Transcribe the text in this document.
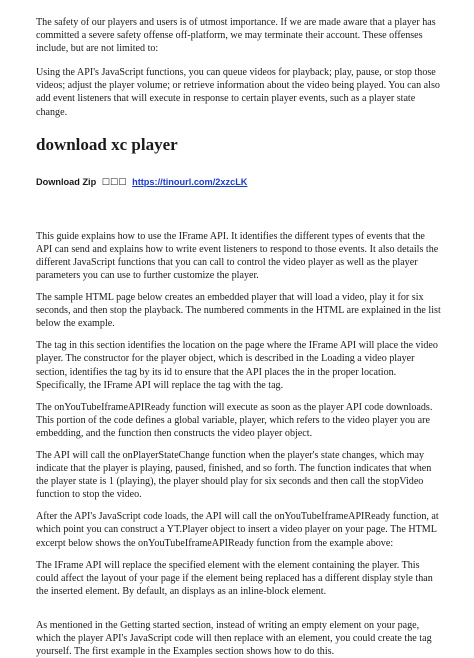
The safety of our players and users is of utmost importance. If we are made aware that a player has committed a severe safety offense off-platform, we may terminate their account. These offenses include, but are not limited to:

Using the API's JavaScript functions, you can queue videos for playback; play, pause, or stop those videos; adjust the player volume; or retrieve information about the video being played. You can also add event listeners that will execute in response to certain player events, such as a player state change.

download xc player
Download Zip ☐☐☐ https://tinourl.com/2xzcLK

This guide explains how to use the IFrame API. It identifies the different types of events that the API can send and explains how to write event listeners to respond to those events. It also details the different JavaScript functions that you can call to control the video player as well as the player parameters you can use to further customize the player.

The sample HTML page below creates an embedded player that will load a video, play it for six seconds, and then stop the playback. The numbered comments in the HTML are explained in the list below the example.

The tag in this section identifies the location on the page where the IFrame API will place the video player. The constructor for the player object, which is described in the Loading a video player section, identifies the tag by its id to ensure that the API places the in the proper location. Specifically, the IFrame API will replace the tag with the tag.

The onYouTubeIframeAPIReady function will execute as soon as the player API code downloads. This portion of the code defines a global variable, player, which refers to the video player you are embedding, and the function then constructs the video player object.

The API will call the onPlayerStateChange function when the player's state changes, which may indicate that the player is playing, paused, finished, and so forth. The function indicates that when the player state is 1 (playing), the player should play for six seconds and then call the stopVideo function to stop the video.

After the API's JavaScript code loads, the API will call the onYouTubeIframeAPIReady function, at which point you can construct a YT.Player object to insert a video player on your page. The HTML excerpt below shows the onYouTubeIframeAPIReady function from the example above:

The IFrame API will replace the specified element with the element containing the player. This could affect the layout of your page if the element being replaced has a different display style than the inserted element. By default, an displays as an inline-block element.

As mentioned in the Getting started section, instead of writing an empty element on your page, which the player API's JavaScript code will then replace with an element, you could create the tag yourself. The first example in the Examples section shows how to do this.
